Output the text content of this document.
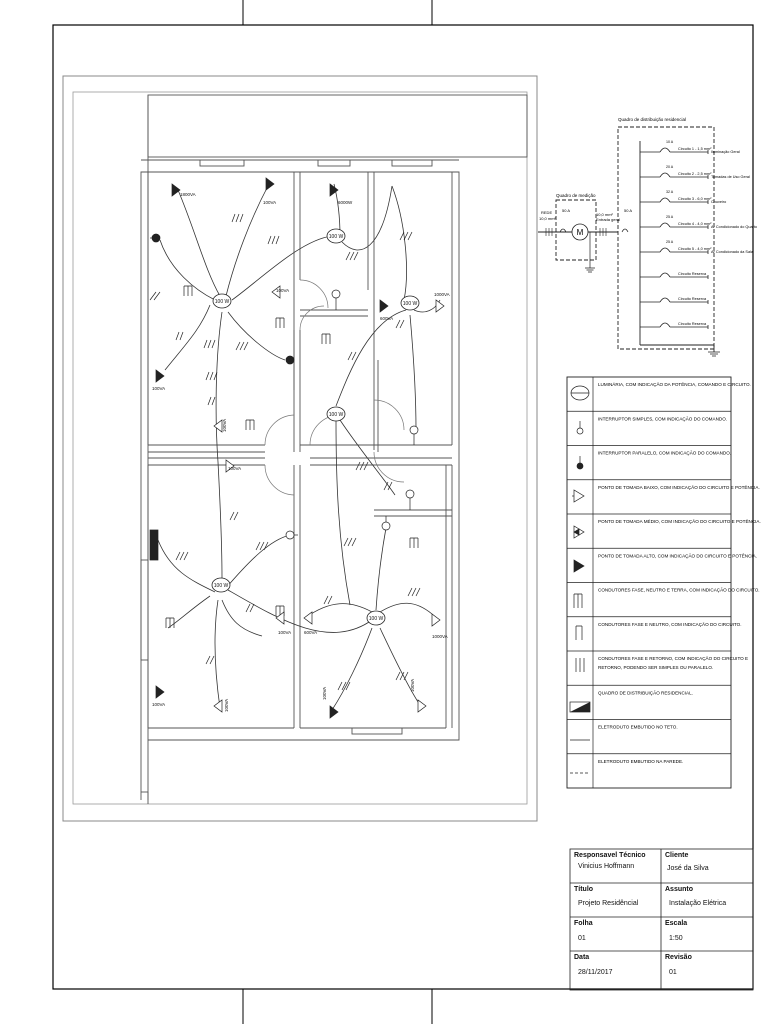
100 W
100 W
100 W
100 W
100 W
100 W
1800VA
100VA
100VA
100VA
600VA
100VA
6000W
1000VA
100VA
100VA	100VA
100VA	600VA
1000VA
100VA
100VA
Quadro de distribuição residencial
Quadro de medição
REDE
10,0 mm²
50 A
M
10,0 mm²
Entrada geral
50 A
Circuito 1 - 1,5 mm²
10 A
Iluminação Geral
Circuito 2 - 2,5 mm²
20 A
Tomadas de Uso Geral
Circuito 3 - 6,0 mm²
32 A
Chuveiro
Circuito 4 - 4,0 mm²
25 A
Ar Condicionado do Quarto
Circuito 5 - 4,0 mm²
25 A
Ar Condicionado da Sala
Circuito Reserva
Circuito Reserva
Circuito Reserva
LUMINÁRIA, COM INDICAÇÃO DA POTÊNCIA, COMANDO E CIRCUITO.
INTERRUPTOR SIMPLES, COM INDICAÇÃO DO COMANDO.
INTERRUPTOR PARALELO, COM INDICAÇÃO DO COMANDO.
PONTO DE TOMADA BAIXO, COM INDICAÇÃO DO CIRCUITO E POTÊNCIA.
PONTO DE TOMADA MÉDIO, COM INDICAÇÃO DO CIRCUITO E POTÊNCIA.
PONTO DE TOMADA ALTO, COM INDICAÇÃO DO CIRCUITO E POTÊNCIA.
CONDUTORES FASE, NEUTRO E TERRA, COM INDICAÇÃO DO CIRCUITO.
CONDUTORES FASE E NEUTRO, COM INDICAÇÃO DO CIRCUITO.
CONDUTORES FASE E RETORNO, COM INDICAÇÃO DO CIRCUITO E RETORNO, PODENDO SER SIMPLES OU PARALELO.
QUADRO DE DISTRIBUIÇÃO RESIDENCIAL.
ELETRODUTO EMBUTIDO NO TETO.
ELETRODUTO EMBUTIDO NA PAREDE.
Responsavel Técnico
Vinicius Hoffmann
Cliente
José da Silva
Título
Projeto Residêncial
Assunto
Instalação Elétrica
Folha
01
Escala
1:50
Data
28/11/2017
Revisão
01
